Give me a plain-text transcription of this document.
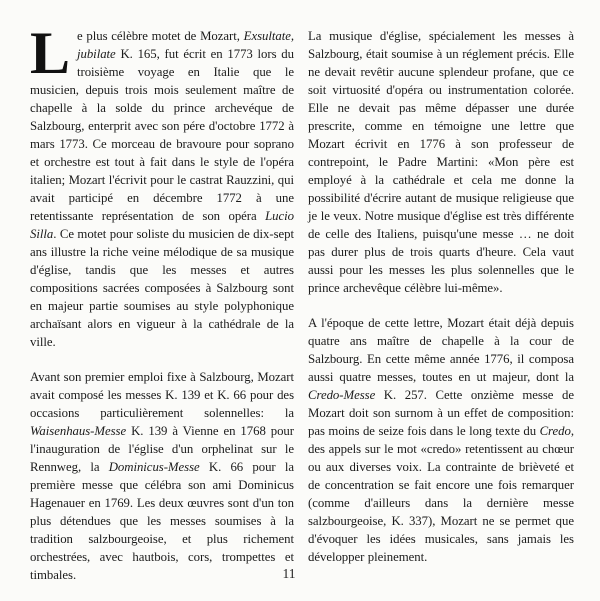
Le plus célèbre motet de Mozart, Exsultate, jubilate K. 165, fut écrit en 1773 lors du troisième voyage en Italie que le musicien, depuis trois mois seulement maître de chapelle à la solde du prince archevéque de Salzbourg, enterprit avec son pére d'octobre 1772 à mars 1773. Ce morceau de bravoure pour soprano et orchestre est tout à fait dans le style de l'opéra italien; Mozart l'écrivit pour le castrat Rauzzini, qui avait participé en décembre 1772 à une retentissante représentation de son opéra Lucio Silla. Ce motet pour soliste du musicien de dix-sept ans illustre la riche veine mélodique de sa musique d'église, tandis que les messes et autres compositions sacrées composées à Salzbourg sont en majeur partie soumises au style polyphonique archaïsant alors en vigueur à la cathédrale de la ville.

Avant son premier emploi fixe à Salzbourg, Mozart avait composé les messes K. 139 et K. 66 pour des occasions particulièrement solennelles: la Waisenhaus-Messe K. 139 à Vienne en 1768 pour l'inauguration de l'église d'un orphelinat sur le Rennweg, la Dominicus-Messe K. 66 pour la première messe que célébra son ami Dominicus Hagenauer en 1769. Les deux œuvres sont d'un ton plus détendues que les messes soumises à la tradition salzbourgeoise, et plus richement orchestrées, avec hautbois, cors, trompettes et timbales.

La musique d'église, spécialement les messes à Salzbourg, était soumise à un réglement précis. Elle ne devait revêtir aucune splendeur profane, que ce soit virtuosité d'opéra ou instrumentation colorée. Elle ne devait pas même dépasser une durée prescrite, comme en témoigne une lettre que Mozart écrivit en 1776 à son professeur de contrepoint, le Padre Martini: «Mon père est employé à la cathédrale et cela me donne la possibilité d'écrire autant de musique religieuse que je le veux. Notre musique d'église est très différente de celle des Italiens, puisqu'une messe … ne doit pas durer plus de trois quarts d'heure. Cela vaut aussi pour les messes les plus solennelles que le prince archevêque célèbre lui-même».

A l'époque de cette lettre, Mozart était déjà depuis quatre ans maître de chapelle à la cour de Salzbourg. En cette même année 1776, il composa aussi quatre messes, toutes en ut majeur, dont la Credo-Messe K. 257. Cette onzième messe de Mozart doit son surnom à un effet de composition: pas moins de seize fois dans le long texte du Credo, des appels sur le mot «credo» retentissent au chœur ou aux diverses voix. La contrainte de brièveté et de concentration se fait encore une fois remarquer (comme d'ailleurs dans la dernière messe salzbourgeoise, K. 337), Mozart ne se permet que d'évoquer les idées musicales, sans jamais les développer pleinement.

11
